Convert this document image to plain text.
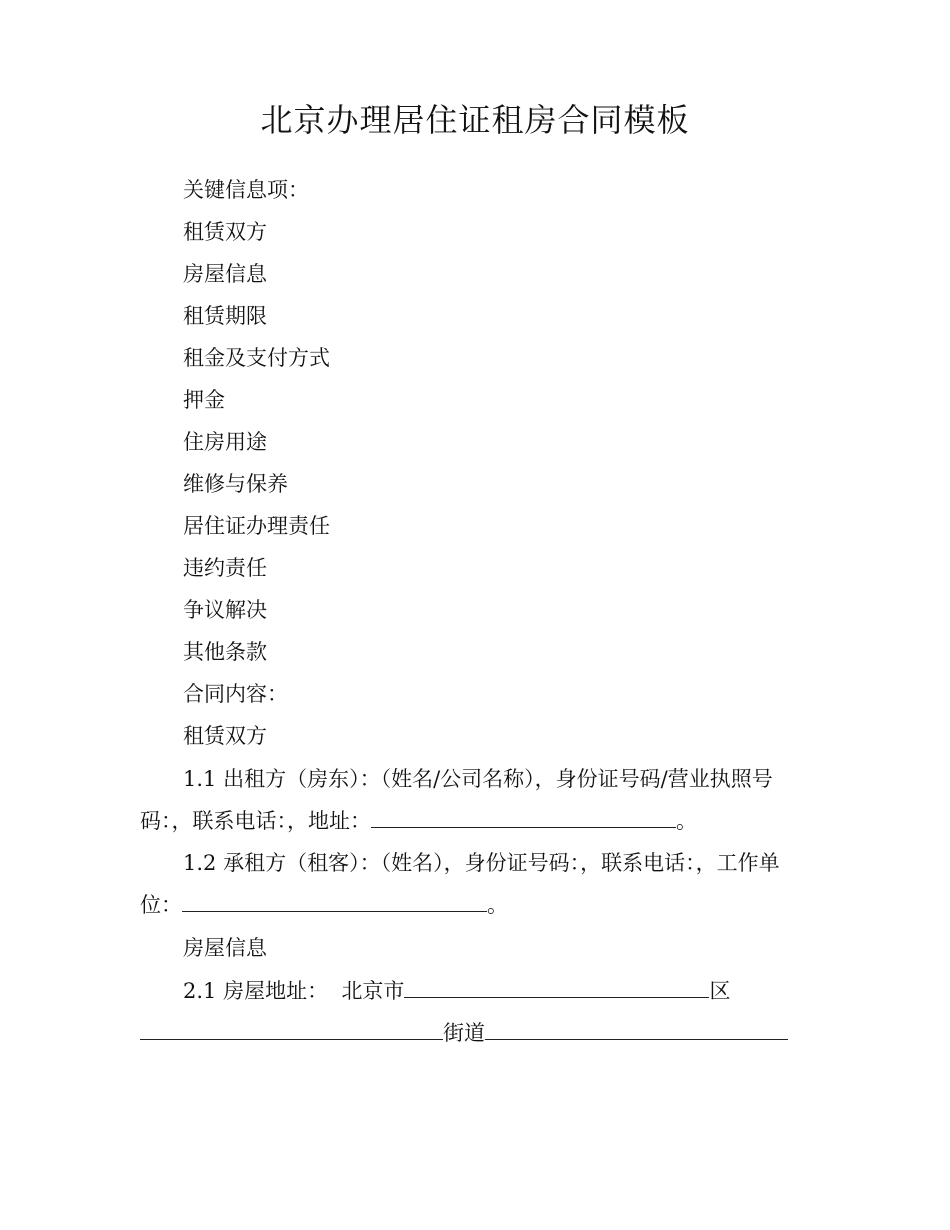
北京办理居住证租房合同模板
关键信息项：
租赁双方
房屋信息
租赁期限
租金及支付方式
押金
住房用途
维修与保养
居住证办理责任
违约责任
争议解决
其他条款
合同内容：
租赁双方
1.1 出租方（房东）：（姓名/公司名称），身份证号码/营业执照号码：，联系电话：，地址：	。
1.2 承租方（租客）：（姓名），身份证号码：，联系电话：，工作单位：	。
房屋信息
2.1 房屋地址： 北京市	区
街道
